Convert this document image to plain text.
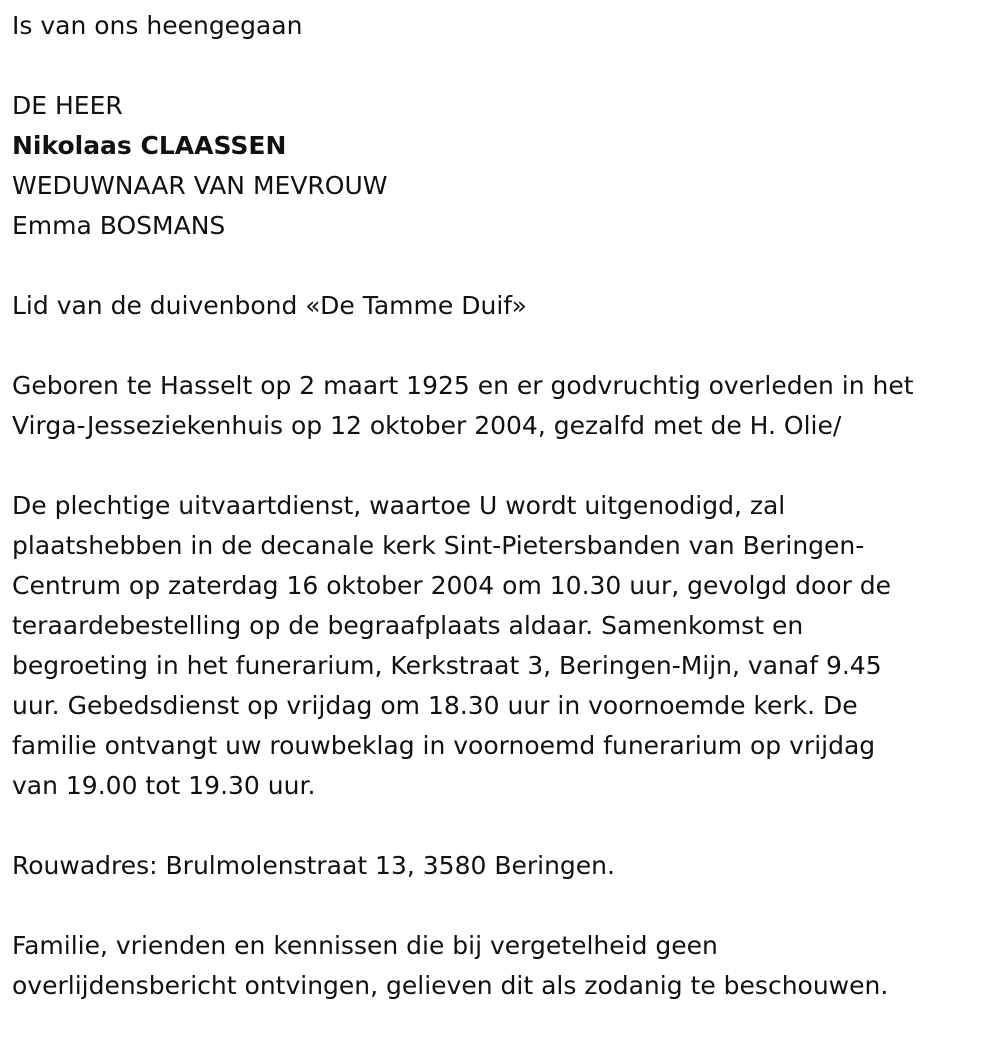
Is van ons heengegaan
DE HEER
Nikolaas CLAASSEN
WEDUWNAAR VAN MEVROUW
Emma BOSMANS
Lid van de duivenbond «De Tamme Duif»
Geboren te Hasselt op 2 maart 1925 en er godvruchtig overleden in het
Virga-Jesseziekenhuis op 12 oktober 2004, gezalfd met de H. Olie/
De plechtige uitvaartdienst, waartoe U wordt uitgenodigd, zal
plaatshebben in de decanale kerk Sint-Pietersbanden van Beringen-
Centrum op zaterdag 16 oktober 2004 om 10.30 uur, gevolgd door de
teraardebestelling op de begraafplaats aldaar. Samenkomst en
begroeting in het funerarium, Kerkstraat 3, Beringen-Mijn, vanaf 9.45
uur. Gebedsdienst op vrijdag om 18.30 uur in voornoemde kerk. De
familie ontvangt uw rouwbeklag in voornoemd funerarium op vrijdag
van 19.00 tot 19.30 uur.
Rouwadres: Brulmolenstraat 13, 3580 Beringen.
Familie, vrienden en kennissen die bij vergetelheid geen
overlijdensbericht ontvingen, gelieven dit als zodanig te beschouwen.
